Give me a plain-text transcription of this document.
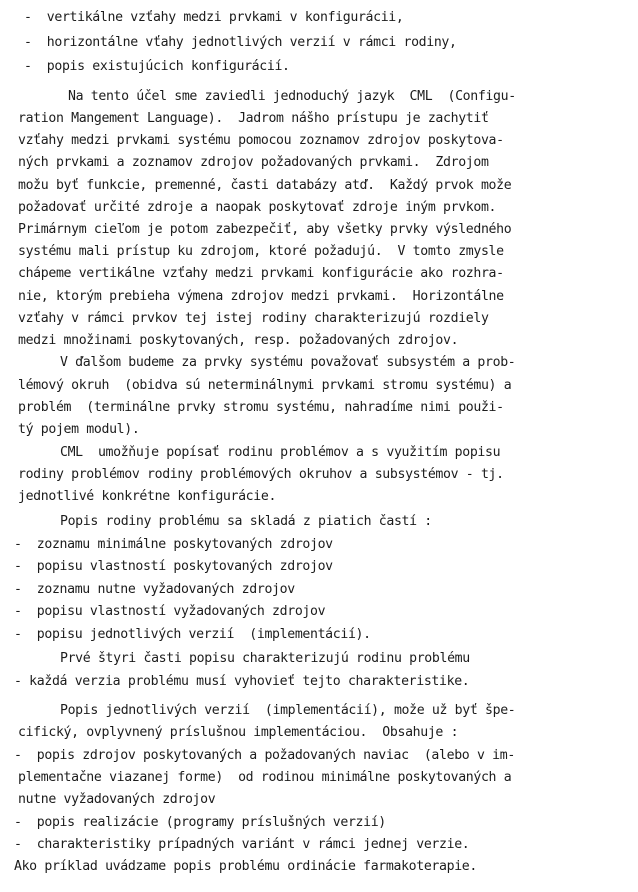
-  vertikálne vzťahy medzi prvkami v konfigurácii,
-  horizontálne vťahy jednotlivých verzií v rámci rodiny,
-  popis existujúcich konfigurácií.
Na tento účel sme zaviedli jednoduchý jazyk  CML  (Configu-
ration Mangement Language).  Jadrom nášho prístupu je zachytiť
vzťahy medzi prvkami systému pomocou zoznamov zdrojov poskytova-
ných prvkami a zoznamov zdrojov požadovaných prvkami.  Zdrojom
možu byť funkcie, premenné, časti databázy atď.  Každý prvok može
požadovať určité zdroje a naopak poskytovať zdroje iným prvkom.
Primárnym cieľom je potom zabezpečiť, aby všetky prvky výsledného
systému mali prístup ku zdrojom, ktoré požadujú.  V tomto zmysle
chápeme vertikálne vzťahy medzi prvkami konfigurácie ako rozhra-
nie, ktorým prebieha výmena zdrojov medzi prvkami.  Horizontálne
vzťahy v rámci prvkov tej istej rodiny charakterizujú rozdiely
medzi množinami poskytovaných, resp. požadovaných zdrojov.
V ďalšom budeme za prvky systému považovať subsystém a prob-
lémový okruh  (obidva sú neterminálnymi prvkami stromu systému) a
problém  (terminálne prvky stromu systému, nahradíme nimi použi-
tý pojem modul).
CML  umožňuje popísať rodinu problémov a s využitím popisu
rodiny problémov rodiny problémových okruhov a subsystémov - tj.
jednotlivé konkrétne konfigurácie.
Popis rodiny problému sa skladá z piatich častí :
-  zoznamu minimálne poskytovaných zdrojov
-  popisu vlastností poskytovaných zdrojov
-  zoznamu nutne vyžadovaných zdrojov
-  popisu vlastností vyžadovaných zdrojov
-  popisu jednotlivých verzií  (implementácií).
Prvé štyri časti popisu charakterizujú rodinu problému
- každá verzia problému musí vyhovieť tejto charakteristike.
Popis jednotlivých verzií  (implementácií), može už byť špe-
cifický, ovplyvnený príslušnou implementáciou.  Obsahuje :
-  popis zdrojov poskytovaných a požadovaných naviac  (alebo v im-
plementačne viazanej forme)  od rodinou minimálne poskytovaných a
nutne vyžadovaných zdrojov
-  popis realizácie (programy príslušných verzií)
-  charakteristiky prípadných variánt v rámci jednej verzie.
Ako príklad uvádzame popis problému ordinácie farmakoterapie.
